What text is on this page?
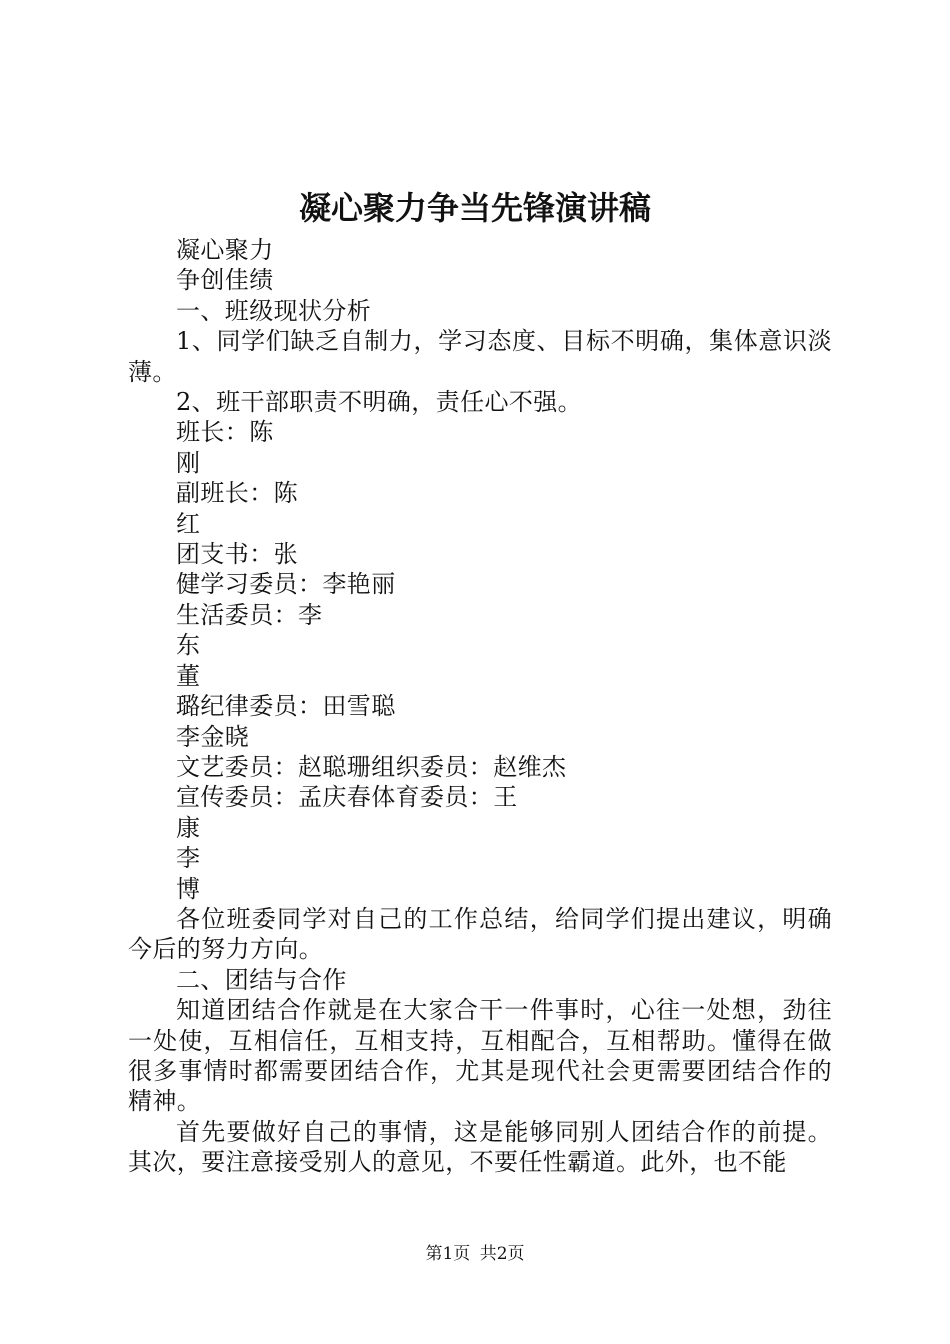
凝心聚力争当先锋演讲稿

凝心聚力

争创佳绩

一、班级现状分析

1、同学们缺乏自制力，学习态度、目标不明确，集体意识淡薄。

2、班干部职责不明确，责任心不强。

班长：陈

刚

副班长：陈

红

团支书：张

健学习委员：李艳丽

生活委员：李

东

董

璐纪律委员：田雪聪

李金晓

文艺委员：赵聪珊组织委员：赵维杰

宣传委员：孟庆春体育委员：王

康

李

博

各位班委同学对自己的工作总结，给同学们提出建议，明确今后的努力方向。

二、团结与合作

知道团结合作就是在大家合干一件事时，心往一处想，劲往一处使，互相信任，互相支持，互相配合，互相帮助。懂得在做很多事情时都需要团结合作，尤其是现代社会更需要团结合作的精神。

首先要做好自己的事情，这是能够同别人团结合作的前提。其次，要注意接受别人的意见，不要任性霸道。此外，也不能

第1页 共2页
